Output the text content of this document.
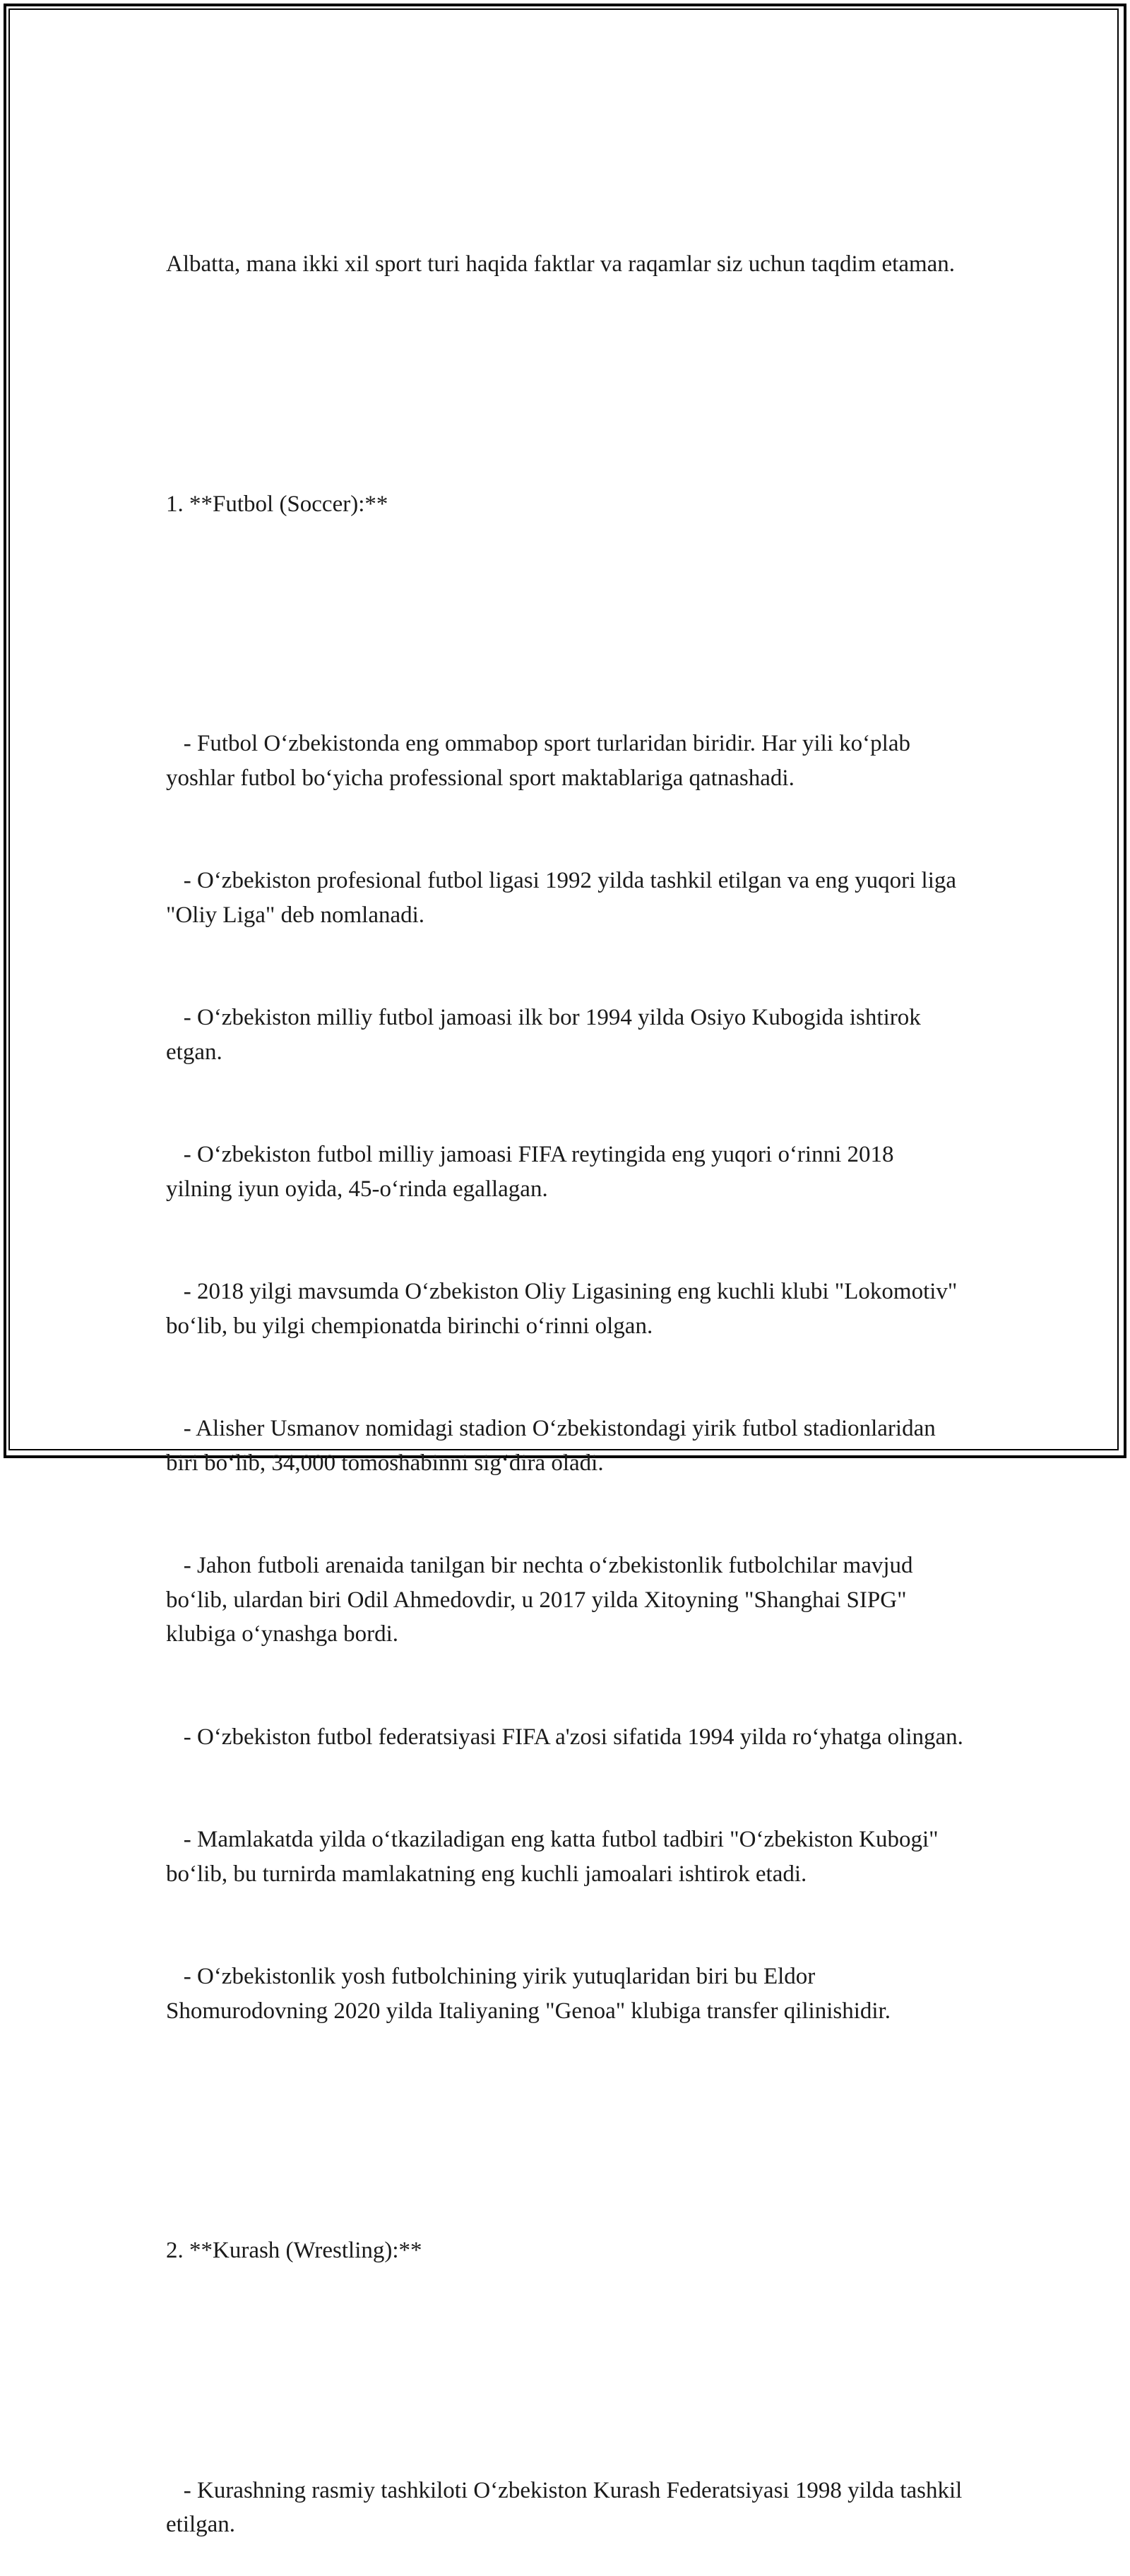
Albatta, mana ikki xil sport turi haqida faktlar va raqamlar siz uchun taqdim etaman.

1. **Futbol (Soccer):**

- Futbol O‘zbekistonda eng ommabop sport turlaridan biridir. Har yili ko‘plab yoshlar futbol bo‘yicha professional sport maktablariga qatnashadi.

- O‘zbekiston profesional futbol ligasi 1992 yilda tashkil etilgan va eng yuqori liga "Oliy Liga" deb nomlanadi.

- O‘zbekiston milliy futbol jamoasi ilk bor 1994 yilda Osiyo Kubogida ishtirok etgan.

- O‘zbekiston futbol milliy jamoasi FIFA reytingida eng yuqori o‘rinni 2018 yilning iyun oyida, 45-o‘rinda egallagan.

- 2018 yilgi mavsumda O‘zbekiston Oliy Ligasining eng kuchli klubi "Lokomotiv" bo‘lib, bu yilgi chempionatda birinchi o‘rinni olgan.

- Alisher Usmanov nomidagi stadion O‘zbekistondagi yirik futbol stadionlaridan biri bo‘lib, 34,000 tomoshabinni sig‘dira oladi.

- Jahon futboli arenaida tanilgan bir nechta o‘zbekistonlik futbolchilar mavjud bo‘lib, ulardan biri Odil Ahmedovdir, u 2017 yilda Xitoyning "Shanghai SIPG" klubiga o‘ynashga bordi.

- O‘zbekiston futbol federatsiyasi FIFA a'zosi sifatida 1994 yilda ro‘yhatga olingan.

- Mamlakatda yilda o‘tkaziladigan eng katta futbol tadbiri "O‘zbekiston Kubogi" bo‘lib, bu turnirda mamlakatning eng kuchli jamoalari ishtirok etadi.

- O‘zbekistonlik yosh futbolchining yirik yutuqlaridan biri bu Eldor Shomurodovning 2020 yilda Italiyaning "Genoa" klubiga transfer qilinishidir.

2. **Kurash (Wrestling):**

- Kurashning rasmiy tashkiloti O‘zbekiston Kurash Federatsiyasi 1998 yilda tashkil etilgan.
